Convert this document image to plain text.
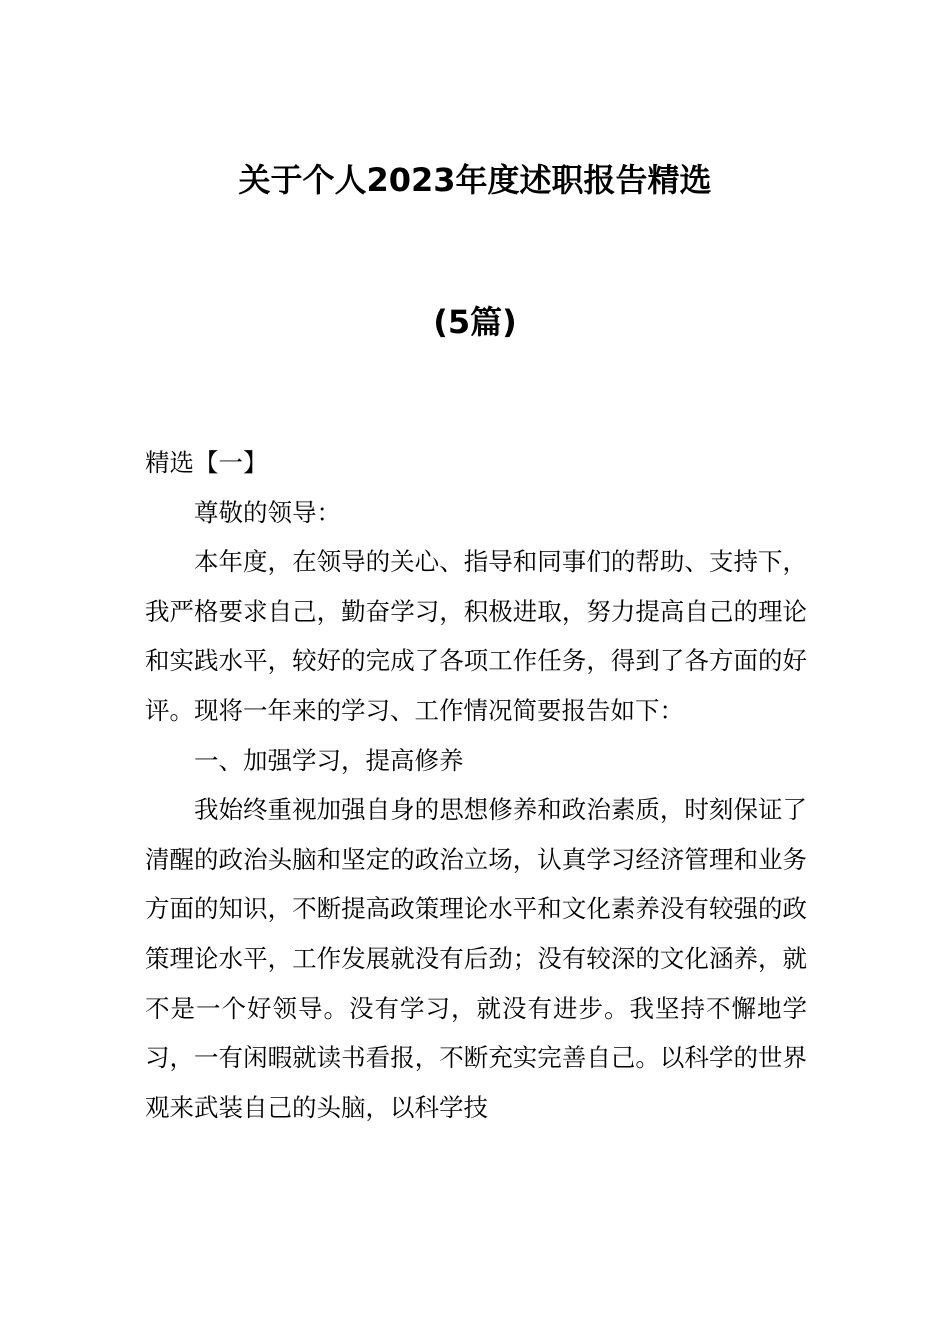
关于个人2023年度述职报告精选
(5篇)

精选【一】

尊敬的领导：

本年度，在领导的关心、指导和同事们的帮助、支持下，我严格要求自己，勤奋学习，积极进取，努力提高自己的理论和实践水平，较好的完成了各项工作任务，得到了各方面的好评。现将一年来的学习、工作情况简要报告如下：

一、加强学习，提高修养

我始终重视加强自身的思想修养和政治素质，时刻保证了清醒的政治头脑和坚定的政治立场，认真学习经济管理和业务方面的知识，不断提高政策理论水平和文化素养没有较强的政策理论水平，工作发展就没有后劲；没有较深的文化涵养，就不是一个好领导。没有学习，就没有进步。我坚持不懈地学习，一有闲暇就读书看报，不断充实完善自己。以科学的世界观来武装自己的头脑，以科学技
